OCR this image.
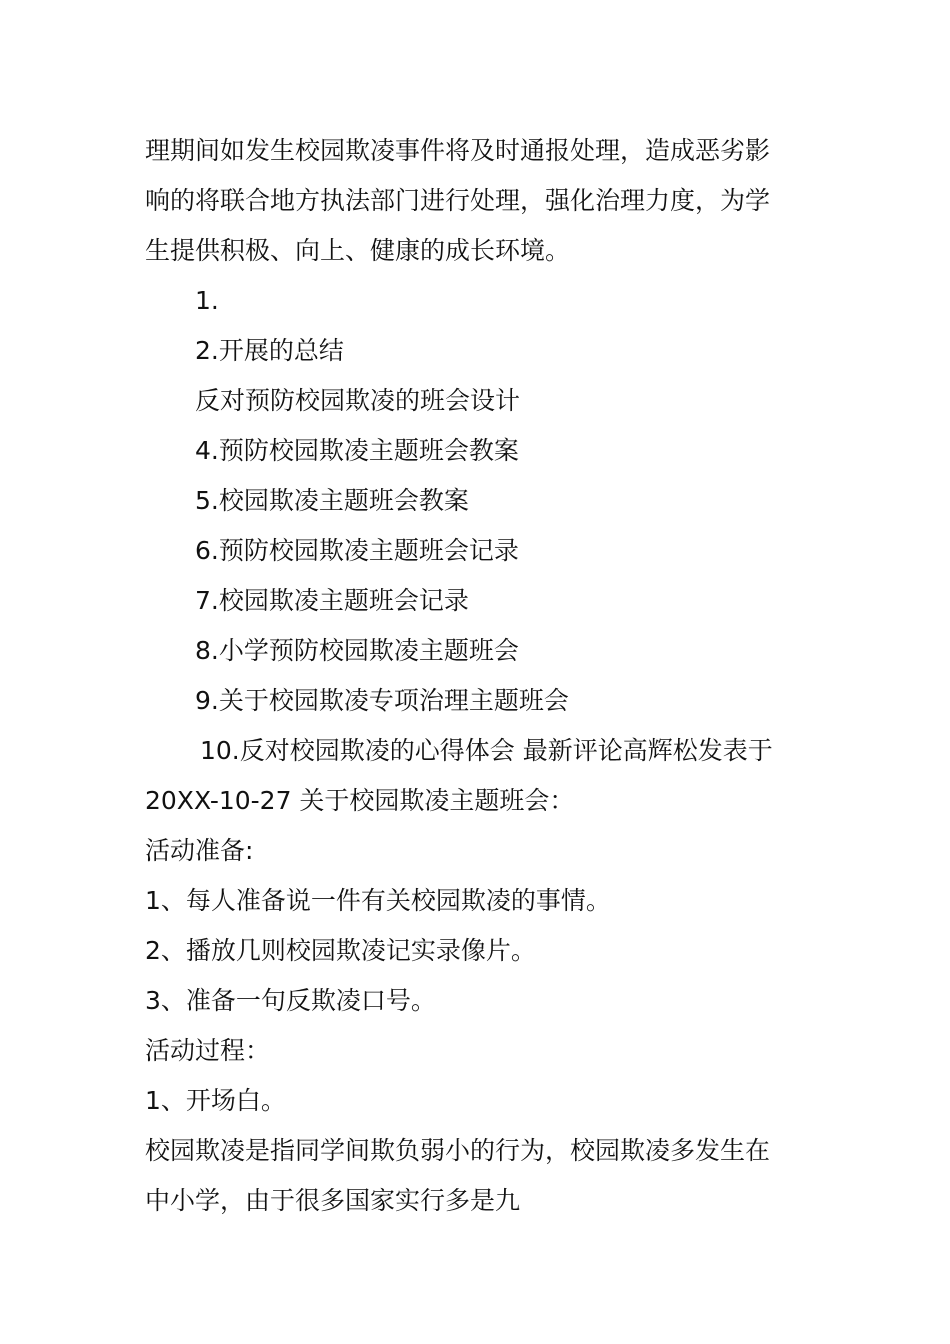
理期间如发生校园欺凌事件将及时通报处理，造成恶劣影
响的将联合地方执法部门进行处理，强化治理力度，为学
生提供积极、向上、健康的成长环境。
1.
2.开展的总结
反对预防校园欺凌的班会设计
4.预防校园欺凌主题班会教案
5.校园欺凌主题班会教案
6.预防校园欺凌主题班会记录
7.校园欺凌主题班会记录
8.小学预防校园欺凌主题班会
9.关于校园欺凌专项治理主题班会
10.反对校园欺凌的心得体会 最新评论高辉松发表于
20XX-10-27 关于校园欺凌主题班会：
活动准备:
1、每人准备说一件有关校园欺凌的事情。
2、播放几则校园欺凌记实录像片。
3、准备一句反欺凌口号。
活动过程：
1、开场白。
校园欺凌是指同学间欺负弱小的行为，校园欺凌多发生在
中小学，由于很多国家实行多是九
